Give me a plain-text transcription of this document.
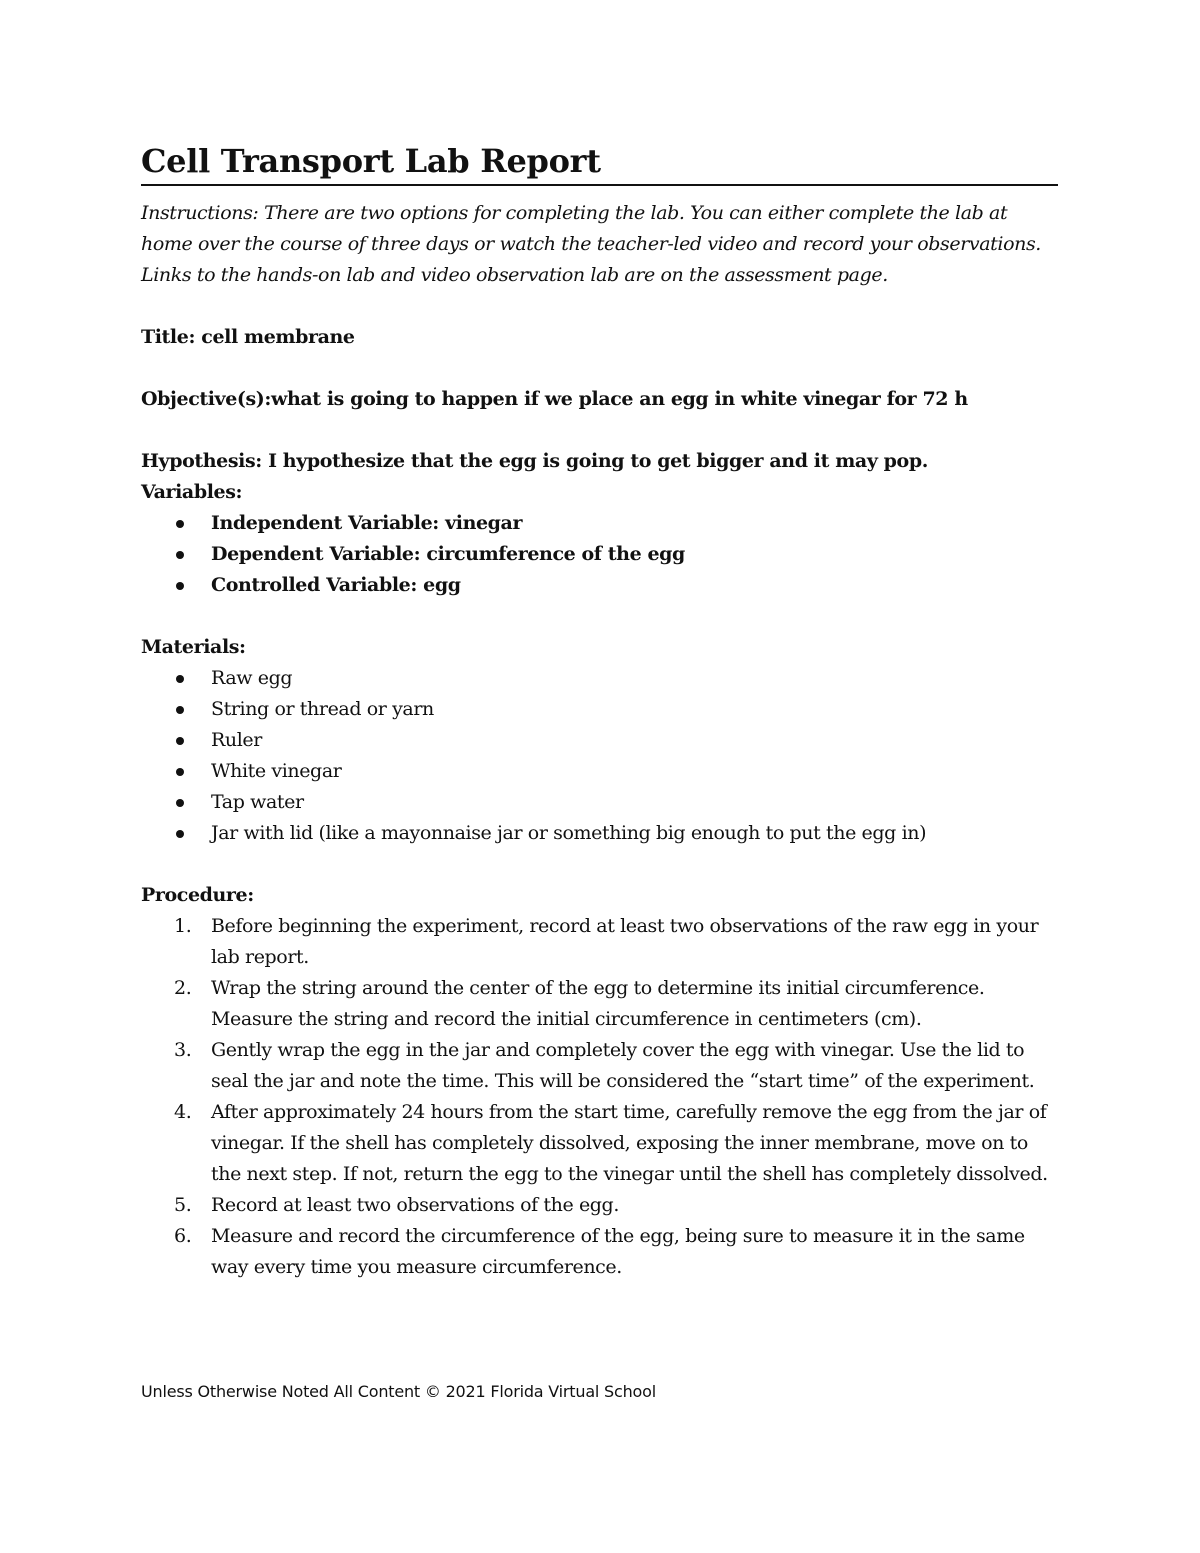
Cell Transport Lab Report

Instructions: There are two options for completing the lab. You can either complete the lab at home over the course of three days or watch the teacher-led video and record your observations. Links to the hands-on lab and video observation lab are on the assessment page.

Title: cell membrane

Objective(s):what is going to happen if we place an egg in white vinegar for 72 h

Hypothesis: I hypothesize that the egg is going to get bigger and it may pop.

Variables:

Independent Variable: vinegar
Dependent Variable: circumference of the egg
Controlled Variable: egg

Materials:

Raw egg
String or thread or yarn
Ruler
White vinegar
Tap water
Jar with lid (like a mayonnaise jar or something big enough to put the egg in)

Procedure:

1. Before beginning the experiment, record at least two observations of the raw egg in your lab report.
2. Wrap the string around the center of the egg to determine its initial circumference. Measure the string and record the initial circumference in centimeters (cm).
3. Gently wrap the egg in the jar and completely cover the egg with vinegar. Use the lid to seal the jar and note the time. This will be considered the “start time” of the experiment.
4. After approximately 24 hours from the start time, carefully remove the egg from the jar of vinegar. If the shell has completely dissolved, exposing the inner membrane, move on to the next step. If not, return the egg to the vinegar until the shell has completely dissolved.
5. Record at least two observations of the egg.
6. Measure and record the circumference of the egg, being sure to measure it in the same way every time you measure circumference.
Unless Otherwise Noted All Content © 2021 Florida Virtual School
